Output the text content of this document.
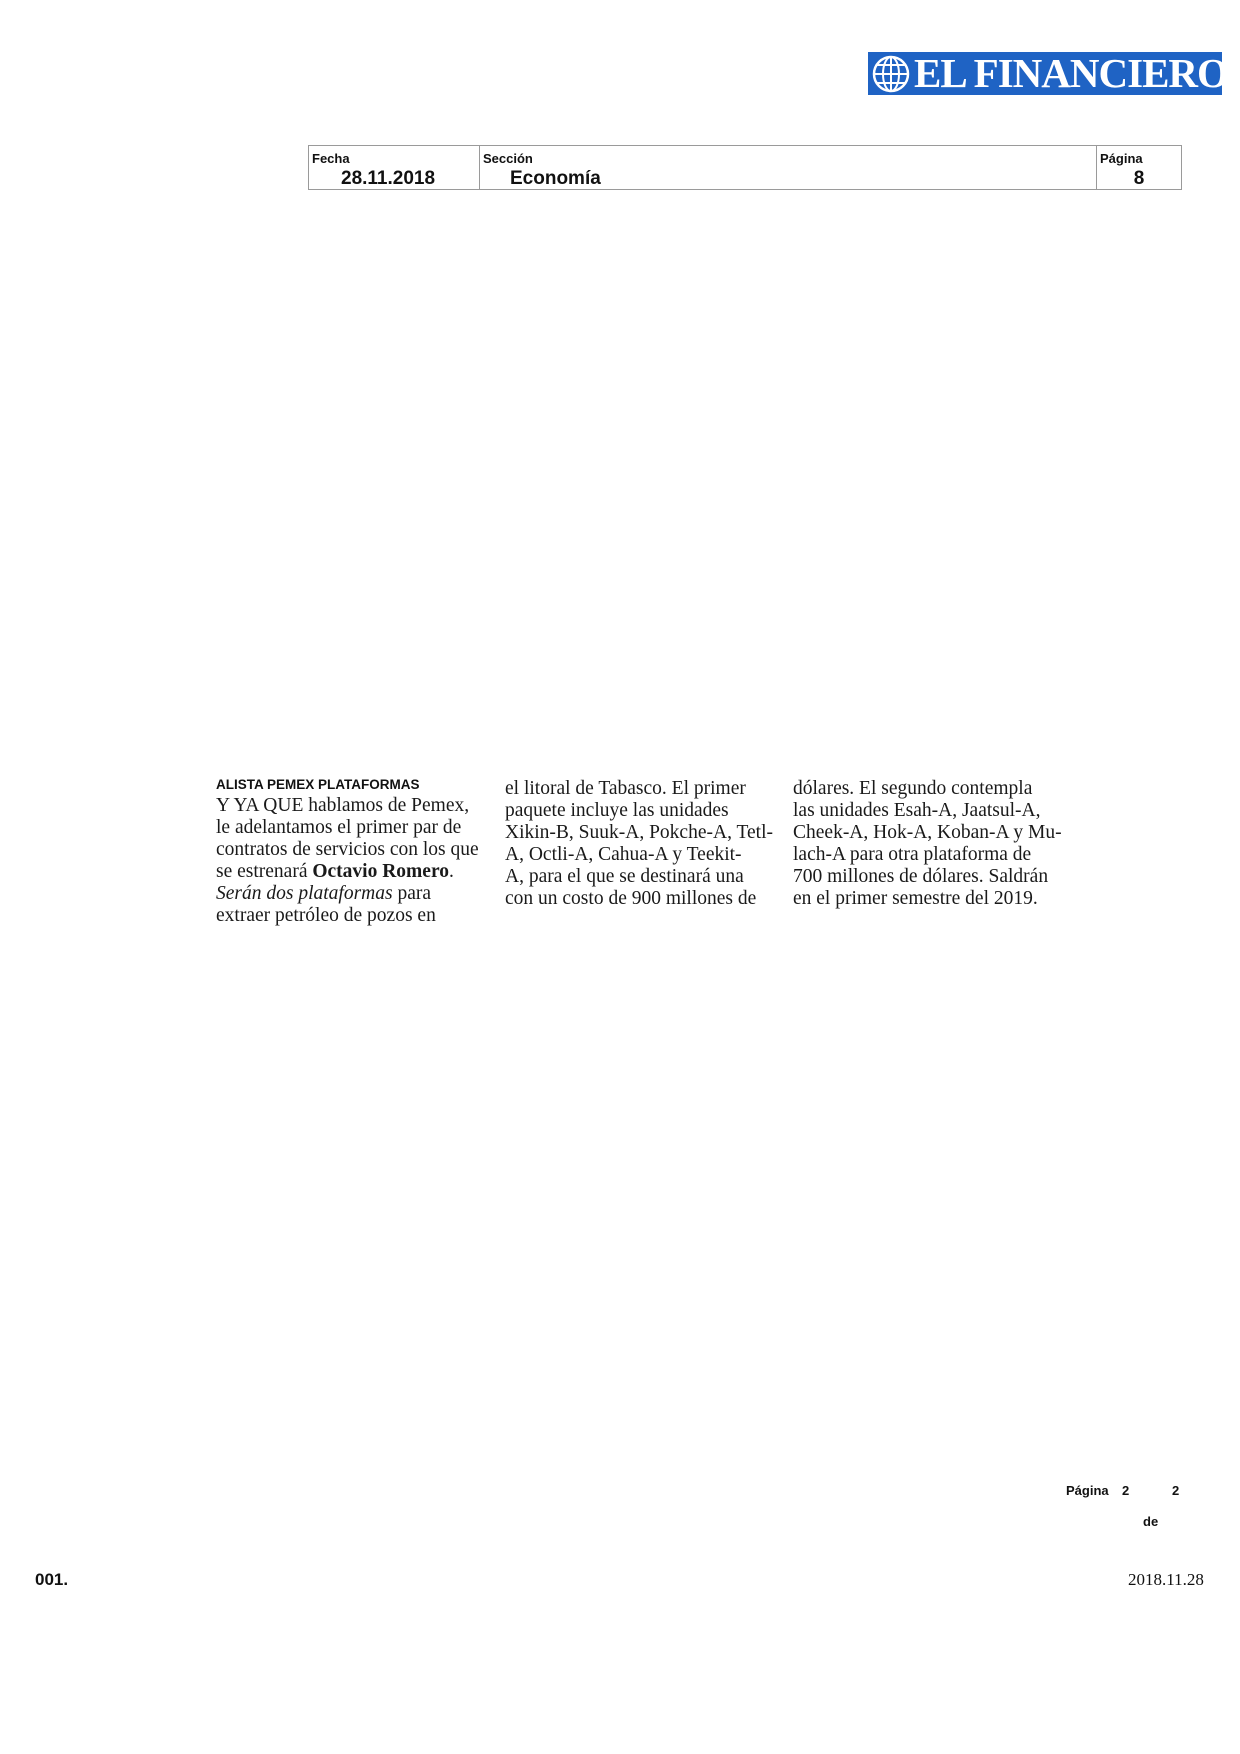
EL FINANCIERO
Fecha
28.11.2018
Sección
Economía
Página
8
ALISTA PEMEX PLATAFORMAS
Y YA QUE hablamos de Pemex,
le adelantamos el primer par de
contratos de servicios con los que
se estrenará Octavio Romero.
Serán dos plataformas para
extraer petróleo de pozos en
el litoral de Tabasco. El primer
paquete incluye las unidades
Xikin-B, Suuk-A, Pokche-A, Tetl-
A, Octli-A, Cahua-A y Teekit-
A, para el que se destinará una
con un costo de 900 millones de
dólares. El segundo contempla
las unidades Esah-A, Jaatsul-A,
Cheek-A, Hok-A, Koban-A y Mu-
lach-A para otra plataforma de
700 millones de dólares. Saldrán
en el primer semestre del 2019.
Página 2	2
de
001.	2018.11.28
